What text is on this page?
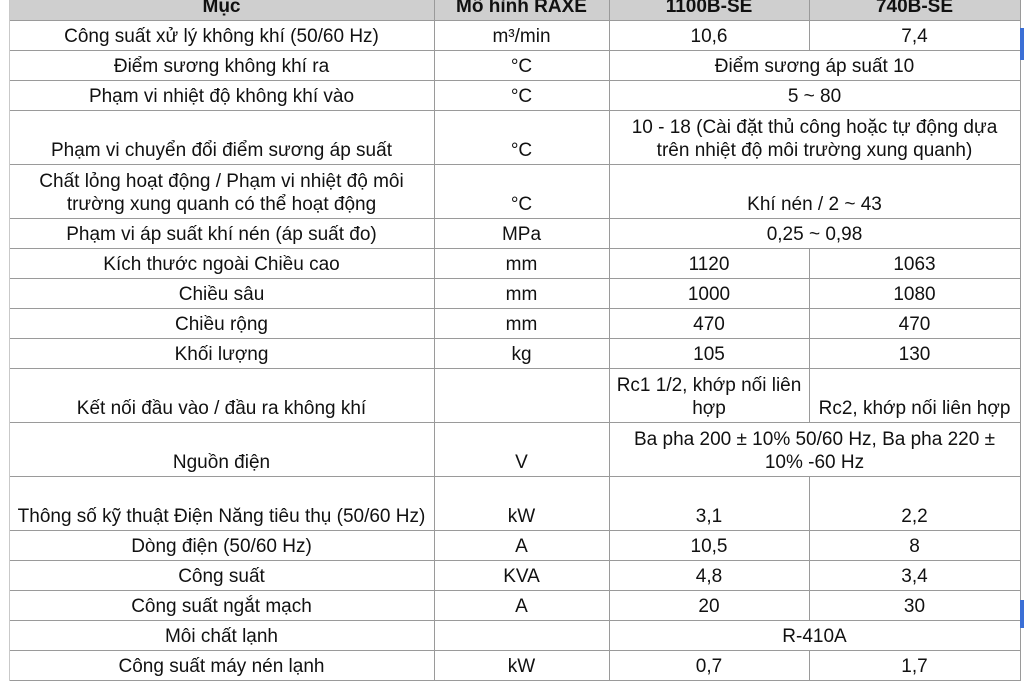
	Mục	Mô hình RAXE	1100B-SE	740B-SE
	Công suất xử lý không khí (50/60 Hz)	m³/min	10,6	7,4
	Điểm sương không khí ra	°C	Điểm sương áp suất 10	
	Phạm vi nhiệt độ không khí vào	°C	5 ~ 80	
	Phạm vi chuyển đổi điểm sương áp suất	°C	10 - 18 (Cài đặt thủ công hoặc tự động dựa trên nhiệt độ môi trường xung quanh)	
	Chất lỏng hoạt động / Phạm vi nhiệt độ môi trường xung quanh có thể hoạt động	°C	Khí nén / 2 ~ 43	
	Phạm vi áp suất khí nén (áp suất đo)	MPa	0,25 ~ 0,98	
	Kích thước ngoài Chiều cao	mm	1120	1063
	Chiều sâu	mm	1000	1080
	Chiều rộng	mm	470	470
	Khối lượng	kg	105	130
	Kết nối đầu vào / đầu ra không khí		Rc1 1/2, khớp nối liên hợp	Rc2, khớp nối liên hợp
	Nguồn điện	V	Ba pha 200 ± 10% 50/60 Hz, Ba pha 220 ± 10% -60 Hz	
	Thông số kỹ thuật Điện Năng tiêu thụ (50/60 Hz)	kW	3,1	2,2
	Dòng điện (50/60 Hz)	A	10,5	8
	Công suất	KVA	4,8	3,4
	Công suất ngắt mạch	A	20	30
	Môi chất lạnh		R-410A	
	Công suất máy nén lạnh	kW	0,7	1,7
